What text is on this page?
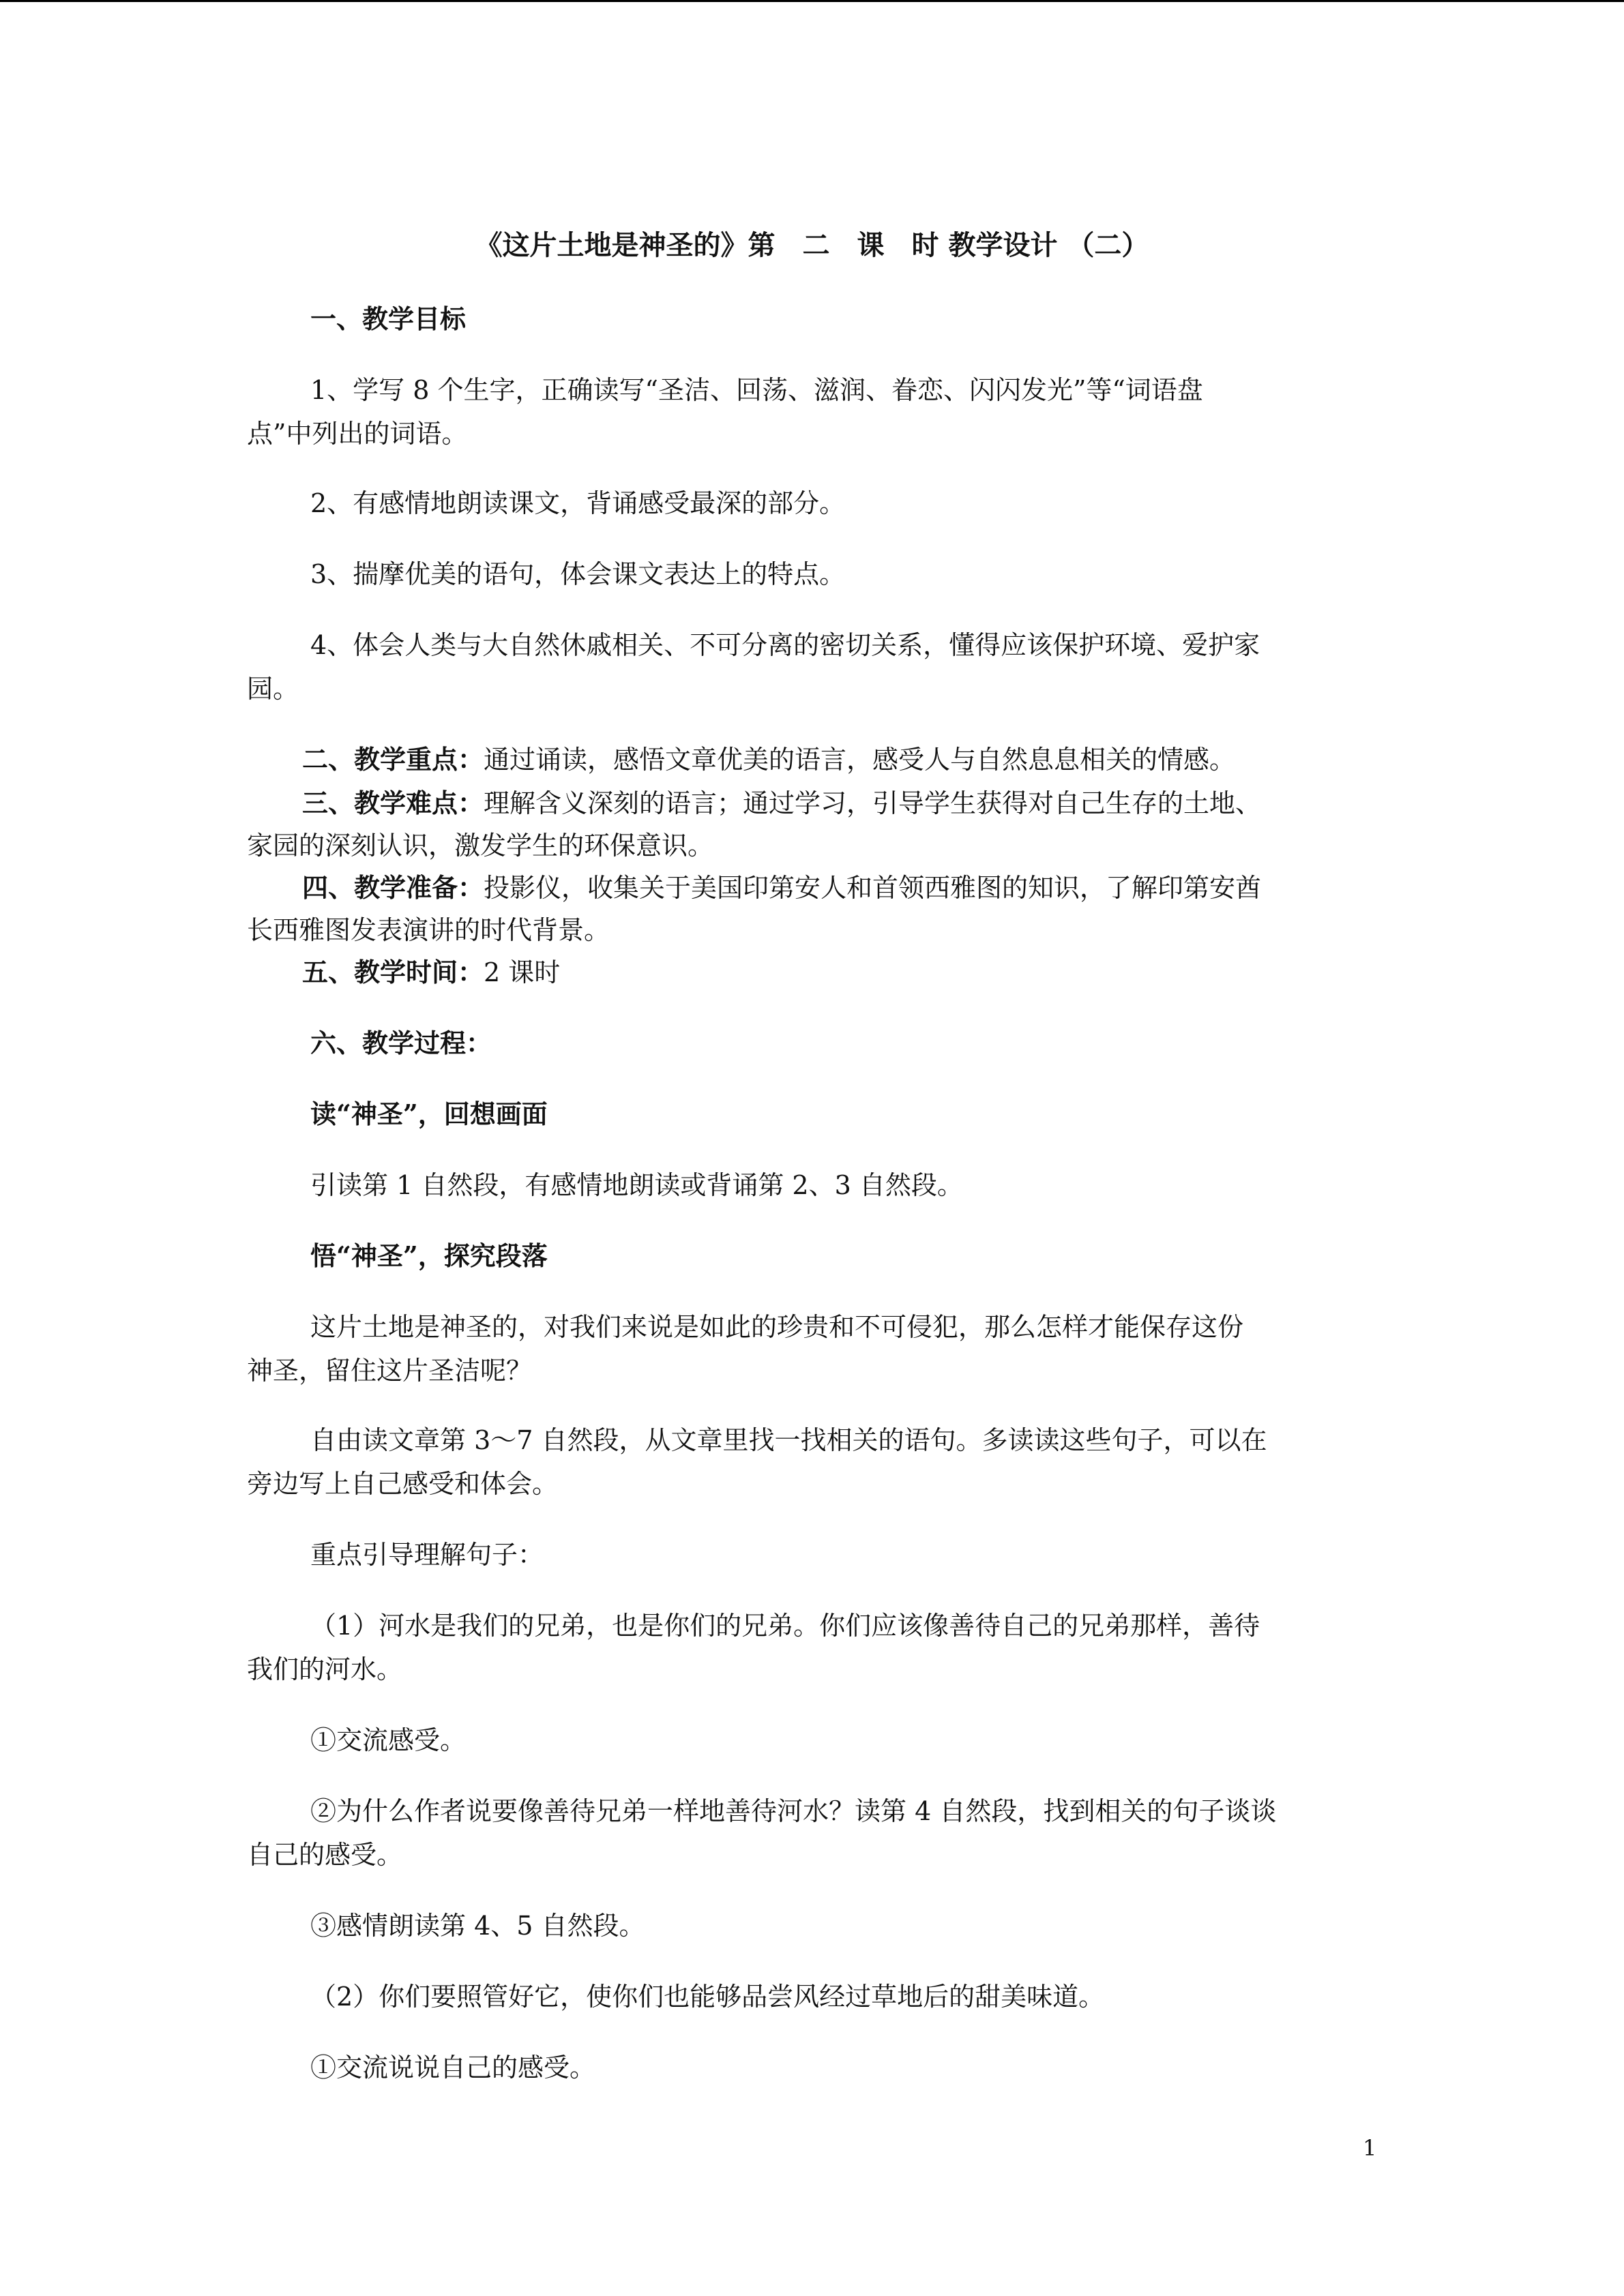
《这片土地是神圣的》第　二　课　时 教学设计 （二）
一、教学目标
1、学写 8 个生字，正确读写“圣洁、回荡、滋润、眷恋、闪闪发光”等“词语盘
点”中列出的词语。
2、有感情地朗读课文，背诵感受最深的部分。
3、揣摩优美的语句，体会课文表达上的特点。
4、体会人类与大自然休戚相关、不可分离的密切关系，懂得应该保护环境、爱护家
园。
二、教学重点：通过诵读，感悟文章优美的语言，感受人与自然息息相关的情感。
三、教学难点：理解含义深刻的语言；通过学习，引导学生获得对自己生存的土地、
家园的深刻认识，激发学生的环保意识。
四、教学准备：投影仪，收集关于美国印第安人和首领西雅图的知识，了解印第安酋
长西雅图发表演讲的时代背景。
五、教学时间：2 课时
六、教学过程：
读“神圣”，回想画面
引读第 1 自然段，有感情地朗读或背诵第 2、3 自然段。
悟“神圣”，探究段落
这片土地是神圣的，对我们来说是如此的珍贵和不可侵犯，那么怎样才能保存这份
神圣，留住这片圣洁呢？
自由读文章第 3～7 自然段，从文章里找一找相关的语句。多读读这些句子，可以在
旁边写上自己感受和体会。
重点引导理解句子：
（1）河水是我们的兄弟，也是你们的兄弟。你们应该像善待自己的兄弟那样，善待
我们的河水。
①交流感受。
②为什么作者说要像善待兄弟一样地善待河水？读第 4 自然段，找到相关的句子谈谈
自己的感受。
③感情朗读第 4、5 自然段。
（2）你们要照管好它，使你们也能够品尝风经过草地后的甜美味道。
①交流说说自己的感受。
1
